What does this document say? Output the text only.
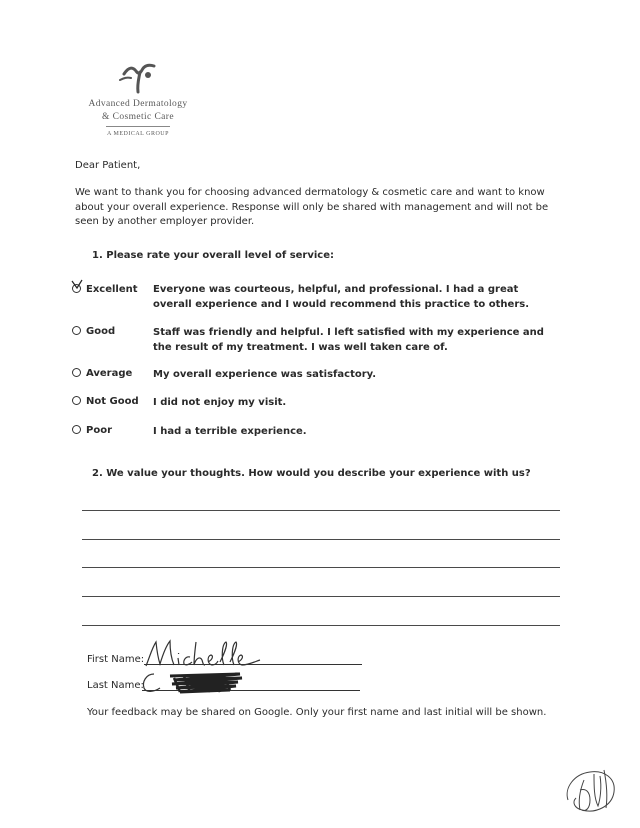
Advanced Dermatology
& Cosmetic Care
A MEDICAL GROUP
Dear Patient,
We want to thank you for choosing advanced dermatology & cosmetic care and want to know about your overall experience. Response will only be shared with management and will not be seen by another employer provider.
1. Please rate your overall level of service:
Excellent Everyone was courteous, helpful, and professional. I had a great overall experience and I would recommend this practice to others.
Good	Staff was friendly and helpful. I left satisfied with my experience and the result of my treatment. I was well taken care of.
Average My overall experience was satisfactory.
Not Good I did not enjoy my visit.
Poor	I had a terrible experience.
2. We value your thoughts. How would you describe your experience with us?
First Name:
Last Name:
Your feedback may be shared on Google. Only your first name and last initial will be shown.
